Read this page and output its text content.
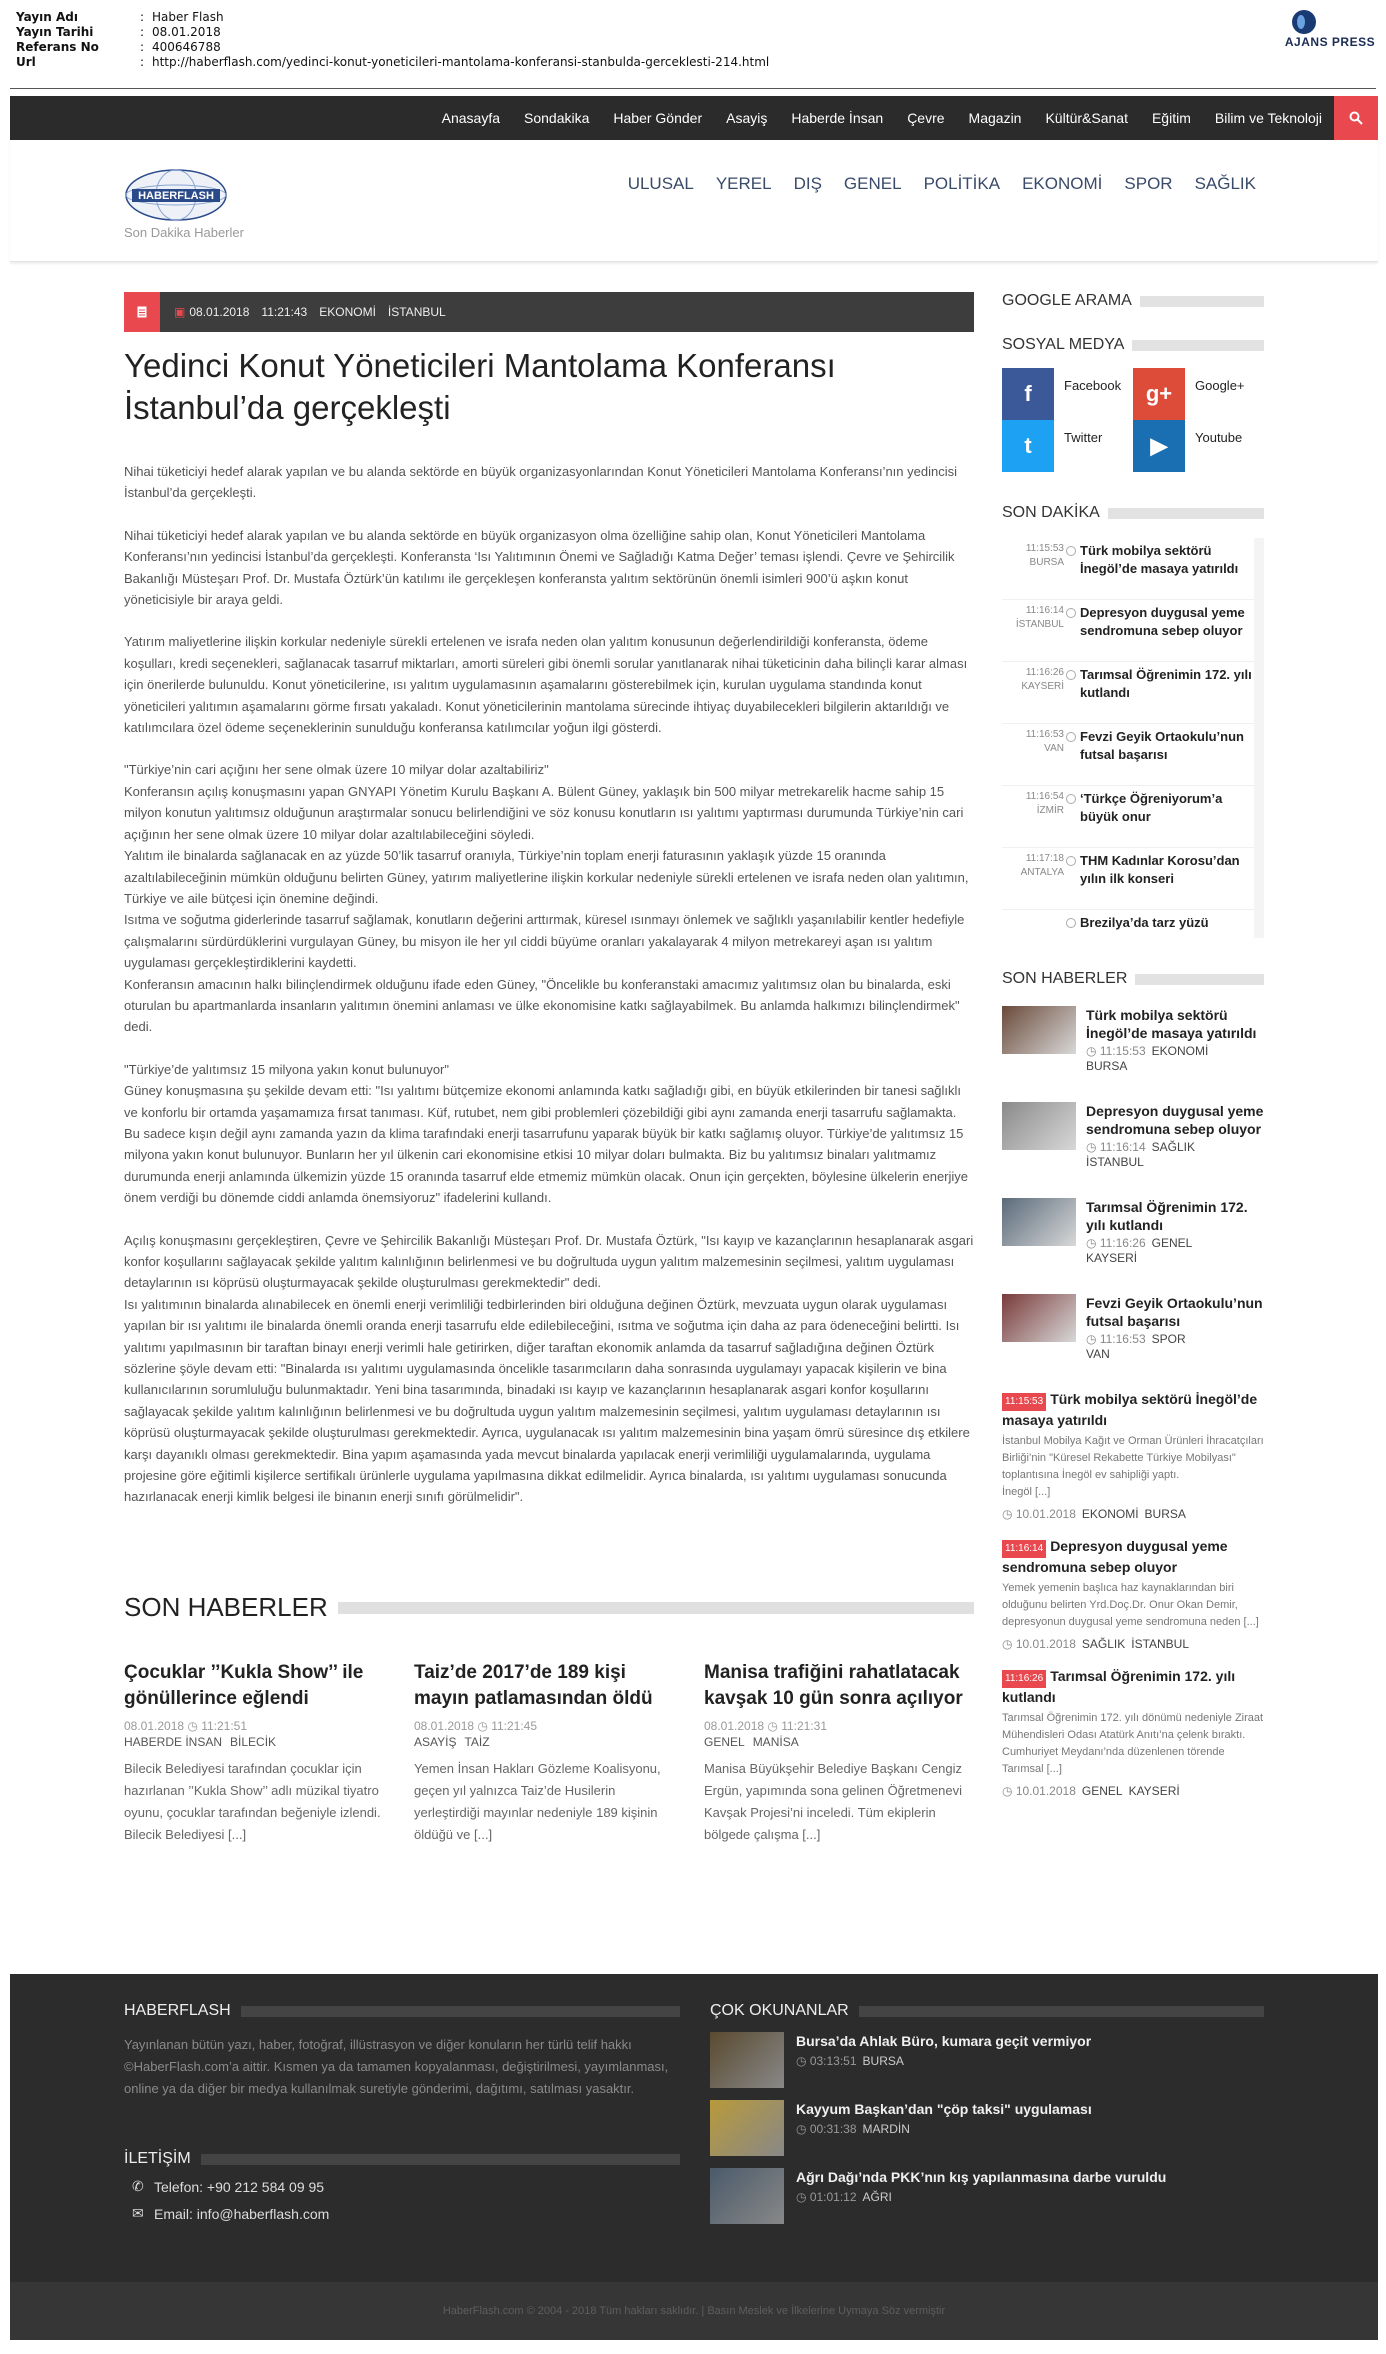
Yayın Adı	: Haber Flash
Yayın Tarihi	: 08.01.2018
Referans No	: 400646788
Url	: http://haberflash.com/yedinci-konut-yoneticileri-mantolama-konferansi-stanbulda-gerceklesti-214.html
AJANS PRESS
Anasayfa Sondakika Haber Gönder Asayiş Haberde İnsan Çevre Magazin Kültür&Sanat Eğitim Bilim ve Teknoloji
HABERFLASH
Son Dakika Haberler
ULUSAL YEREL DIŞ GENEL POLİTİKA EKONOMİ SPOR SAĞLIK
▣ 08.01.2018 11:21:43 EKONOMİ İSTANBUL
Yedinci Konut Yöneticileri Mantolama Konferansı İstanbul’da gerçekleşti

Nihai tüketiciyi hedef alarak yapılan ve bu alanda sektörde en büyük organizasyonlarından Konut Yöneticileri Mantolama Konferansı’nın yedincisi İstanbul’da gerçekleşti.

Nihai tüketiciyi hedef alarak yapılan ve bu alanda sektörde en büyük organizasyon olma özelliğine sahip olan, Konut Yöneticileri Mantolama Konferansı’nın yedincisi İstanbul’da gerçekleşti. Konferansta ‘Isı Yalıtımının Önemi ve Sağladığı Katma Değer’ teması işlendi. Çevre ve Şehircilik Bakanlığı Müsteşarı Prof. Dr. Mustafa Öztürk’ün katılımı ile gerçekleşen konferansta yalıtım sektörünün önemli isimleri 900’ü aşkın konut yöneticisiyle bir araya geldi.

Yatırım maliyetlerine ilişkin korkular nedeniyle sürekli ertelenen ve israfa neden olan yalıtım konusunun değerlendirildiği konferansta, ödeme koşulları, kredi seçenekleri, sağlanacak tasarruf miktarları, amorti süreleri gibi önemli sorular yanıtlanarak nihai tüketicinin daha bilinçli karar alması için önerilerde bulunuldu. Konut yöneticilerine, ısı yalıtım uygulamasının aşamalarını gösterebilmek için, kurulan uygulama standında konut yöneticileri yalıtımın aşamalarını görme fırsatı yakaladı. Konut yöneticilerinin mantolama sürecinde ihtiyaç duyabilecekleri bilgilerin aktarıldığı ve katılımcılara özel ödeme seçeneklerinin sunulduğu konferansa katılımcılar yoğun ilgi gösterdi.

"Türkiye’nin cari açığını her sene olmak üzere 10 milyar dolar azaltabiliriz"
Konferansın açılış konuşmasını yapan GNYAPI Yönetim Kurulu Başkanı A. Bülent Güney, yaklaşık bin 500 milyar metrekarelik hacme sahip 15 milyon konutun yalıtımsız olduğunun araştırmalar sonucu belirlendiğini ve söz konusu konutların ısı yalıtımı yaptırması durumunda Türkiye’nin cari açığının her sene olmak üzere 10 milyar dolar azaltılabileceğini söyledi.
Yalıtım ile binalarda sağlanacak en az yüzde 50’lik tasarruf oranıyla, Türkiye’nin toplam enerji faturasının yaklaşık yüzde 15 oranında azaltılabileceğinin mümkün olduğunu belirten Güney, yatırım maliyetlerine ilişkin korkular nedeniyle sürekli ertelenen ve israfa neden olan yalıtımın, Türkiye ve aile bütçesi için önemine değindi.
Isıtma ve soğutma giderlerinde tasarruf sağlamak, konutların değerini arttırmak, küresel ısınmayı önlemek ve sağlıklı yaşanılabilir kentler hedefiyle çalışmalarını sürdürdüklerini vurgulayan Güney, bu misyon ile her yıl ciddi büyüme oranları yakalayarak 4 milyon metrekareyi aşan ısı yalıtım uygulaması gerçekleştirdiklerini kaydetti.
Konferansın amacının halkı bilinçlendirmek olduğunu ifade eden Güney, "Öncelikle bu konferanstaki amacımız yalıtımsız olan bu binalarda, eski oturulan bu apartmanlarda insanların yalıtımın önemini anlaması ve ülke ekonomisine katkı sağlayabilmek. Bu anlamda halkımızı bilinçlendirmek" dedi.

"Türkiye’de yalıtımsız 15 milyona yakın konut bulunuyor"
Güney konuşmasına şu şekilde devam etti: "Isı yalıtımı bütçemize ekonomi anlamında katkı sağladığı gibi, en büyük etkilerinden bir tanesi sağlıklı ve konforlu bir ortamda yaşamamıza fırsat tanıması. Küf, rutubet, nem gibi problemleri çözebildiği gibi aynı zamanda enerji tasarrufu sağlamakta. Bu sadece kışın değil aynı zamanda yazın da klima tarafındaki enerji tasarrufunu yaparak büyük bir katkı sağlamış oluyor. Türkiye’de yalıtımsız 15 milyona yakın konut bulunuyor. Bunların her yıl ülkenin cari ekonomisine etkisi 10 milyar doları bulmakta. Biz bu yalıtımsız binaları yalıtmamız durumunda enerji anlamında ülkemizin yüzde 15 oranında tasarruf elde etmemiz mümkün olacak. Onun için gerçekten, böylesine ülkelerin enerjiye önem verdiği bu dönemde ciddi anlamda önemsiyoruz" ifadelerini kullandı.

Açılış konuşmasını gerçekleştiren, Çevre ve Şehircilik Bakanlığı Müsteşarı Prof. Dr. Mustafa Öztürk, "Isı kayıp ve kazançlarının hesaplanarak asgari konfor koşullarını sağlayacak şekilde yalıtım kalınlığının belirlenmesi ve bu doğrultuda uygun yalıtım malzemesinin seçilmesi, yalıtım uygulaması detaylarının ısı köprüsü oluşturmayacak şekilde oluşturulması gerekmektedir" dedi.
Isı yalıtımının binalarda alınabilecek en önemli enerji verimliliği tedbirlerinden biri olduğuna değinen Öztürk, mevzuata uygun olarak uygulaması yapılan bir ısı yalıtımı ile binalarda önemli oranda enerji tasarrufu elde edilebileceğini, ısıtma ve soğutma için daha az para ödeneceğini belirtti. Isı yalıtımı yapılmasının bir taraftan binayı enerji verimli hale getirirken, diğer taraftan ekonomik anlamda da tasarruf sağladığına değinen Öztürk sözlerine şöyle devam etti: "Binalarda ısı yalıtımı uygulamasında öncelikle tasarımcıların daha sonrasında uygulamayı yapacak kişilerin ve bina kullanıcılarının sorumluluğu bulunmaktadır. Yeni bina tasarımında, binadaki ısı kayıp ve kazançlarının hesaplanarak asgari konfor koşullarını sağlayacak şekilde yalıtım kalınlığının belirlenmesi ve bu doğrultuda uygun yalıtım malzemesinin seçilmesi, yalıtım uygulaması detaylarının ısı köprüsü oluşturmayacak şekilde oluşturulması gerekmektedir. Ayrıca, uygulanacak ısı yalıtım malzemesinin bina yaşam ömrü süresince dış etkilere karşı dayanıklı olması gerekmektedir. Bina yapım aşamasında yada mevcut binalarda yapılacak enerji verimliliği uygulamalarında, uygulama projesine göre eğitimli kişilerce sertifikalı ürünlerle uygulama yapılmasına dikkat edilmelidir. Ayrıca binalarda, ısı yalıtımı uygulaması sonucunda hazırlanacak enerji kimlik belgesi ile binanın enerji sınıfı görülmelidir".

SON HABERLER
Çocuklar ’’Kukla Show’’ ile gönüllerince eğlendi
08.01.2018 ◷ 11:21:51
HABERDE İNSAN BİLECİK
Bilecik Belediyesi tarafından çocuklar için hazırlanan ’’Kukla Show’’ adlı müzikal tiyatro oyunu, çocuklar tarafından beğeniyle izlendi.
Bilecik Belediyesi [...]
Taiz’de 2017’de 189 kişi mayın patlamasından öldü
08.01.2018 ◷ 11:21:45
ASAYİŞ TAİZ
Yemen İnsan Hakları Gözleme Koalisyonu, geçen yıl yalnızca Taiz’de Husilerin yerleştirdiği mayınlar nedeniyle 189 kişinin öldüğü ve [...]
Manisa trafiğini rahatlatacak kavşak 10 gün sonra açılıyor
08.01.2018 ◷ 11:21:31
GENEL MANİSA
Manisa Büyükşehir Belediye Başkanı Cengiz Ergün, yapımında sona gelinen Öğretmenevi Kavşak Projesi’ni inceledi. Tüm ekiplerin bölgede çalışma [...]
GOOGLE ARAMA
SOSYAL MEDYA
f	Facebook	g+	Google+
t	Twitter	▶	Youtube
SON DAKİKA
11:15:53
BURSA
Türk mobilya sektörü İnegöl’de masaya yatırıldı
11:16:14
İSTANBUL
Depresyon duygusal yeme sendromuna sebep oluyor
11:16:26
KAYSERİ
Tarımsal Öğrenimin 172. yılı kutlandı
11:16:53
VAN
Fevzi Geyik Ortaokulu’nun futsal başarısı
11:16:54
İZMİR
‘Türkçe Öğreniyorum’a büyük onur
11:17:18
ANTALYA
THM Kadınlar Korosu’dan yılın ilk konseri
Brezilya’da tarz yüzü
SON HABERLER
Türk mobilya sektörü İnegöl’de masaya yatırıldı
◷ 11:15:53 EKONOMİ
BURSA
Depresyon duygusal yeme sendromuna sebep oluyor
◷ 11:16:14 SAĞLIK
İSTANBUL
Tarımsal Öğrenimin 172. yılı kutlandı
◷ 11:16:26 GENEL
KAYSERİ
Fevzi Geyik Ortaokulu’nun futsal başarısı
◷ 11:16:53 SPOR
VAN
11:15:53 Türk mobilya sektörü İnegöl’de masaya yatırıldı
İstanbul Mobilya Kağıt ve Orman Ürünleri İhracatçıları Birliği’nin "Küresel Rekabette Türkiye Mobilyası" toplantısına İnegöl ev sahipliği yaptı.
İnegöl [...]
◷ 10.01.2018 EKONOMİ BURSA
11:16:14 Depresyon duygusal yeme sendromuna sebep oluyor
Yemek yemenin başlıca haz kaynaklarından biri olduğunu belirten Yrd.Doç.Dr. Onur Okan Demir, depresyonun duygusal yeme sendromuna neden [...]
◷ 10.01.2018 SAĞLIK İSTANBUL
11:16:26 Tarımsal Öğrenimin 172. yılı kutlandı
Tarımsal Öğrenimin 172. yılı dönümü nedeniyle Ziraat Mühendisleri Odası Atatürk Anıtı’na çelenk bıraktı.
Cumhuriyet Meydanı’nda düzenlenen törende Tarımsal [...]
◷ 10.01.2018 GENEL KAYSERİ
HABERFLASH
Yayınlanan bütün yazı, haber, fotoğraf, illüstrasyon ve diğer konuların her türlü telif hakkı ©HaberFlash.com’a aittir. Kısmen ya da tamamen kopyalanması, değiştirilmesi, yayımlanması, online ya da diğer bir medya kullanılmak suretiyle gönderimi, dağıtımı, satılması yasaktır.
İLETİŞİM
✆ Telefon: +90 212 584 09 95
✉ Email: info@haberflash.com
ÇOK OKUNANLAR
Bursa’da Ahlak Büro, kumara geçit vermiyor
◷ 03:13:51 BURSA
Kayyum Başkan’dan "çöp taksi" uygulaması
◷ 00:31:38 MARDİN
Ağrı Dağı’nda PKK’nın kış yapılanmasına darbe vuruldu
◷ 01:01:12 AĞRI
HaberFlash.com © 2004 - 2018 Tüm hakları saklıdır. | Basın Meslek ve İlkelerine Uymaya Söz vermiştir
